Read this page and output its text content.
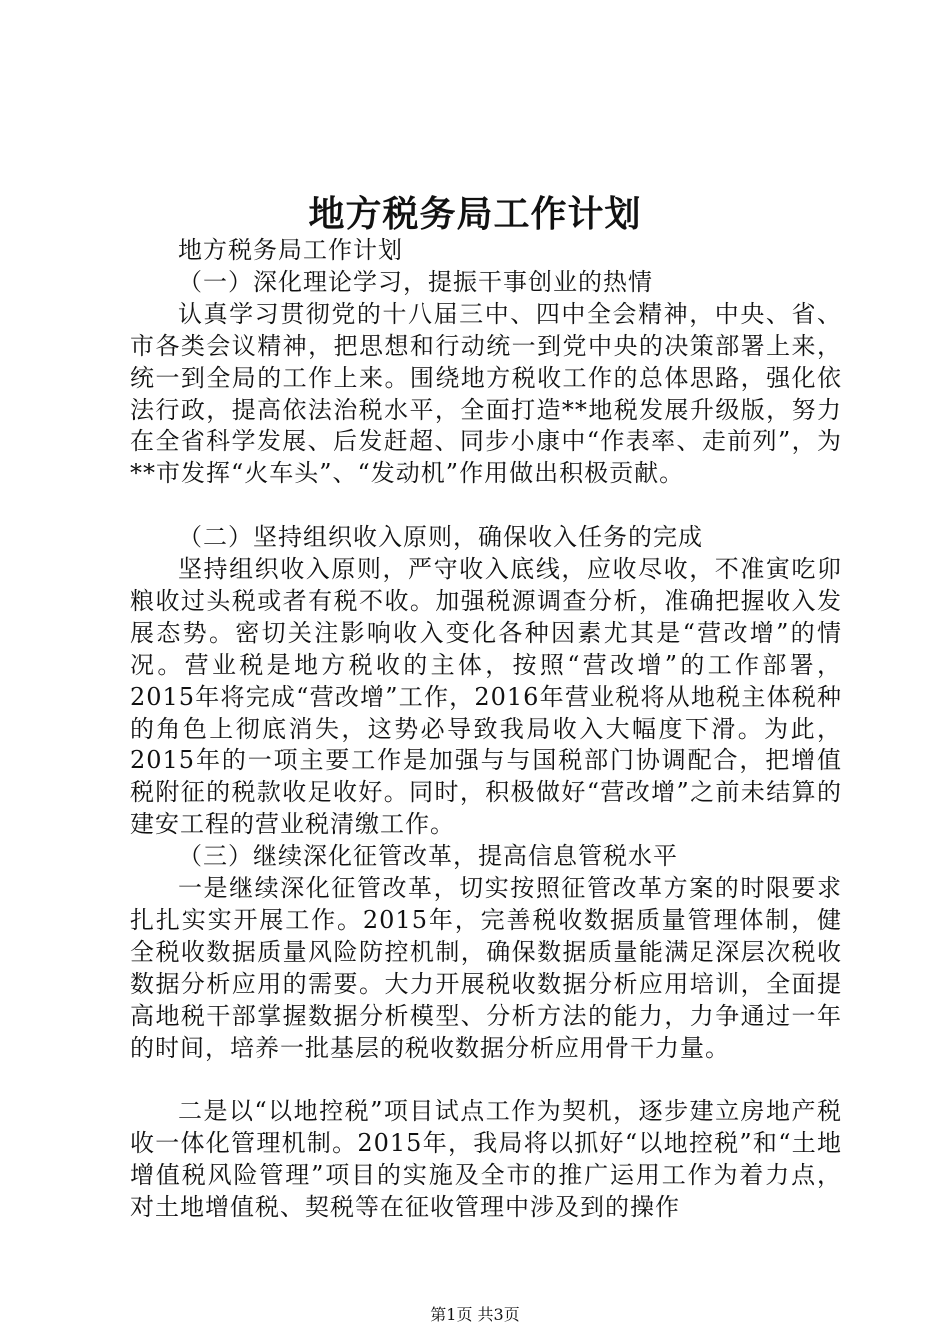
地方税务局工作计划

地方税务局工作计划

（一）深化理论学习，提振干事创业的热情

认真学习贯彻党的十八届三中、四中全会精神，中央、省、市各类会议精神，把思想和行动统一到党中央的决策部署上来，统一到全局的工作上来。围绕地方税收工作的总体思路，强化依法行政，提高依法治税水平，全面打造**地税发展升级版，努力在全省科学发展、后发赶超、同步小康中“作表率、走前列”，为**市发挥“火车头”、“发动机”作用做出积极贡献。

（二）坚持组织收入原则，确保收入任务的完成

坚持组织收入原则，严守收入底线，应收尽收，不准寅吃卯粮收过头税或者有税不收。加强税源调查分析，准确把握收入发展态势。密切关注影响收入变化各种因素尤其是“营改增”的情况。营业税是地方税收的主体，按照“营改增”的工作部署，2015年将完成“营改增”工作，2016年营业税将从地税主体税种的角色上彻底消失，这势必导致我局收入大幅度下滑。为此，2015年的一项主要工作是加强与与国税部门协调配合，把增值税附征的税款收足收好。同时，积极做好“营改增”之前未结算的建安工程的营业税清缴工作。

（三）继续深化征管改革，提高信息管税水平

一是继续深化征管改革，切实按照征管改革方案的时限要求扎扎实实开展工作。2015年，完善税收数据质量管理体制，健全税收数据质量风险防控机制，确保数据质量能满足深层次税收数据分析应用的需要。大力开展税收数据分析应用培训，全面提高地税干部掌握数据分析模型、分析方法的能力，力争通过一年的时间，培养一批基层的税收数据分析应用骨干力量。

二是以“以地控税”项目试点工作为契机，逐步建立房地产税收一体化管理机制。2015年，我局将以抓好“以地控税”和“土地增值税风险管理”项目的实施及全市的推广运用工作为着力点，对土地增值税、契税等在征收管理中涉及到的操作

第1页 共3页
